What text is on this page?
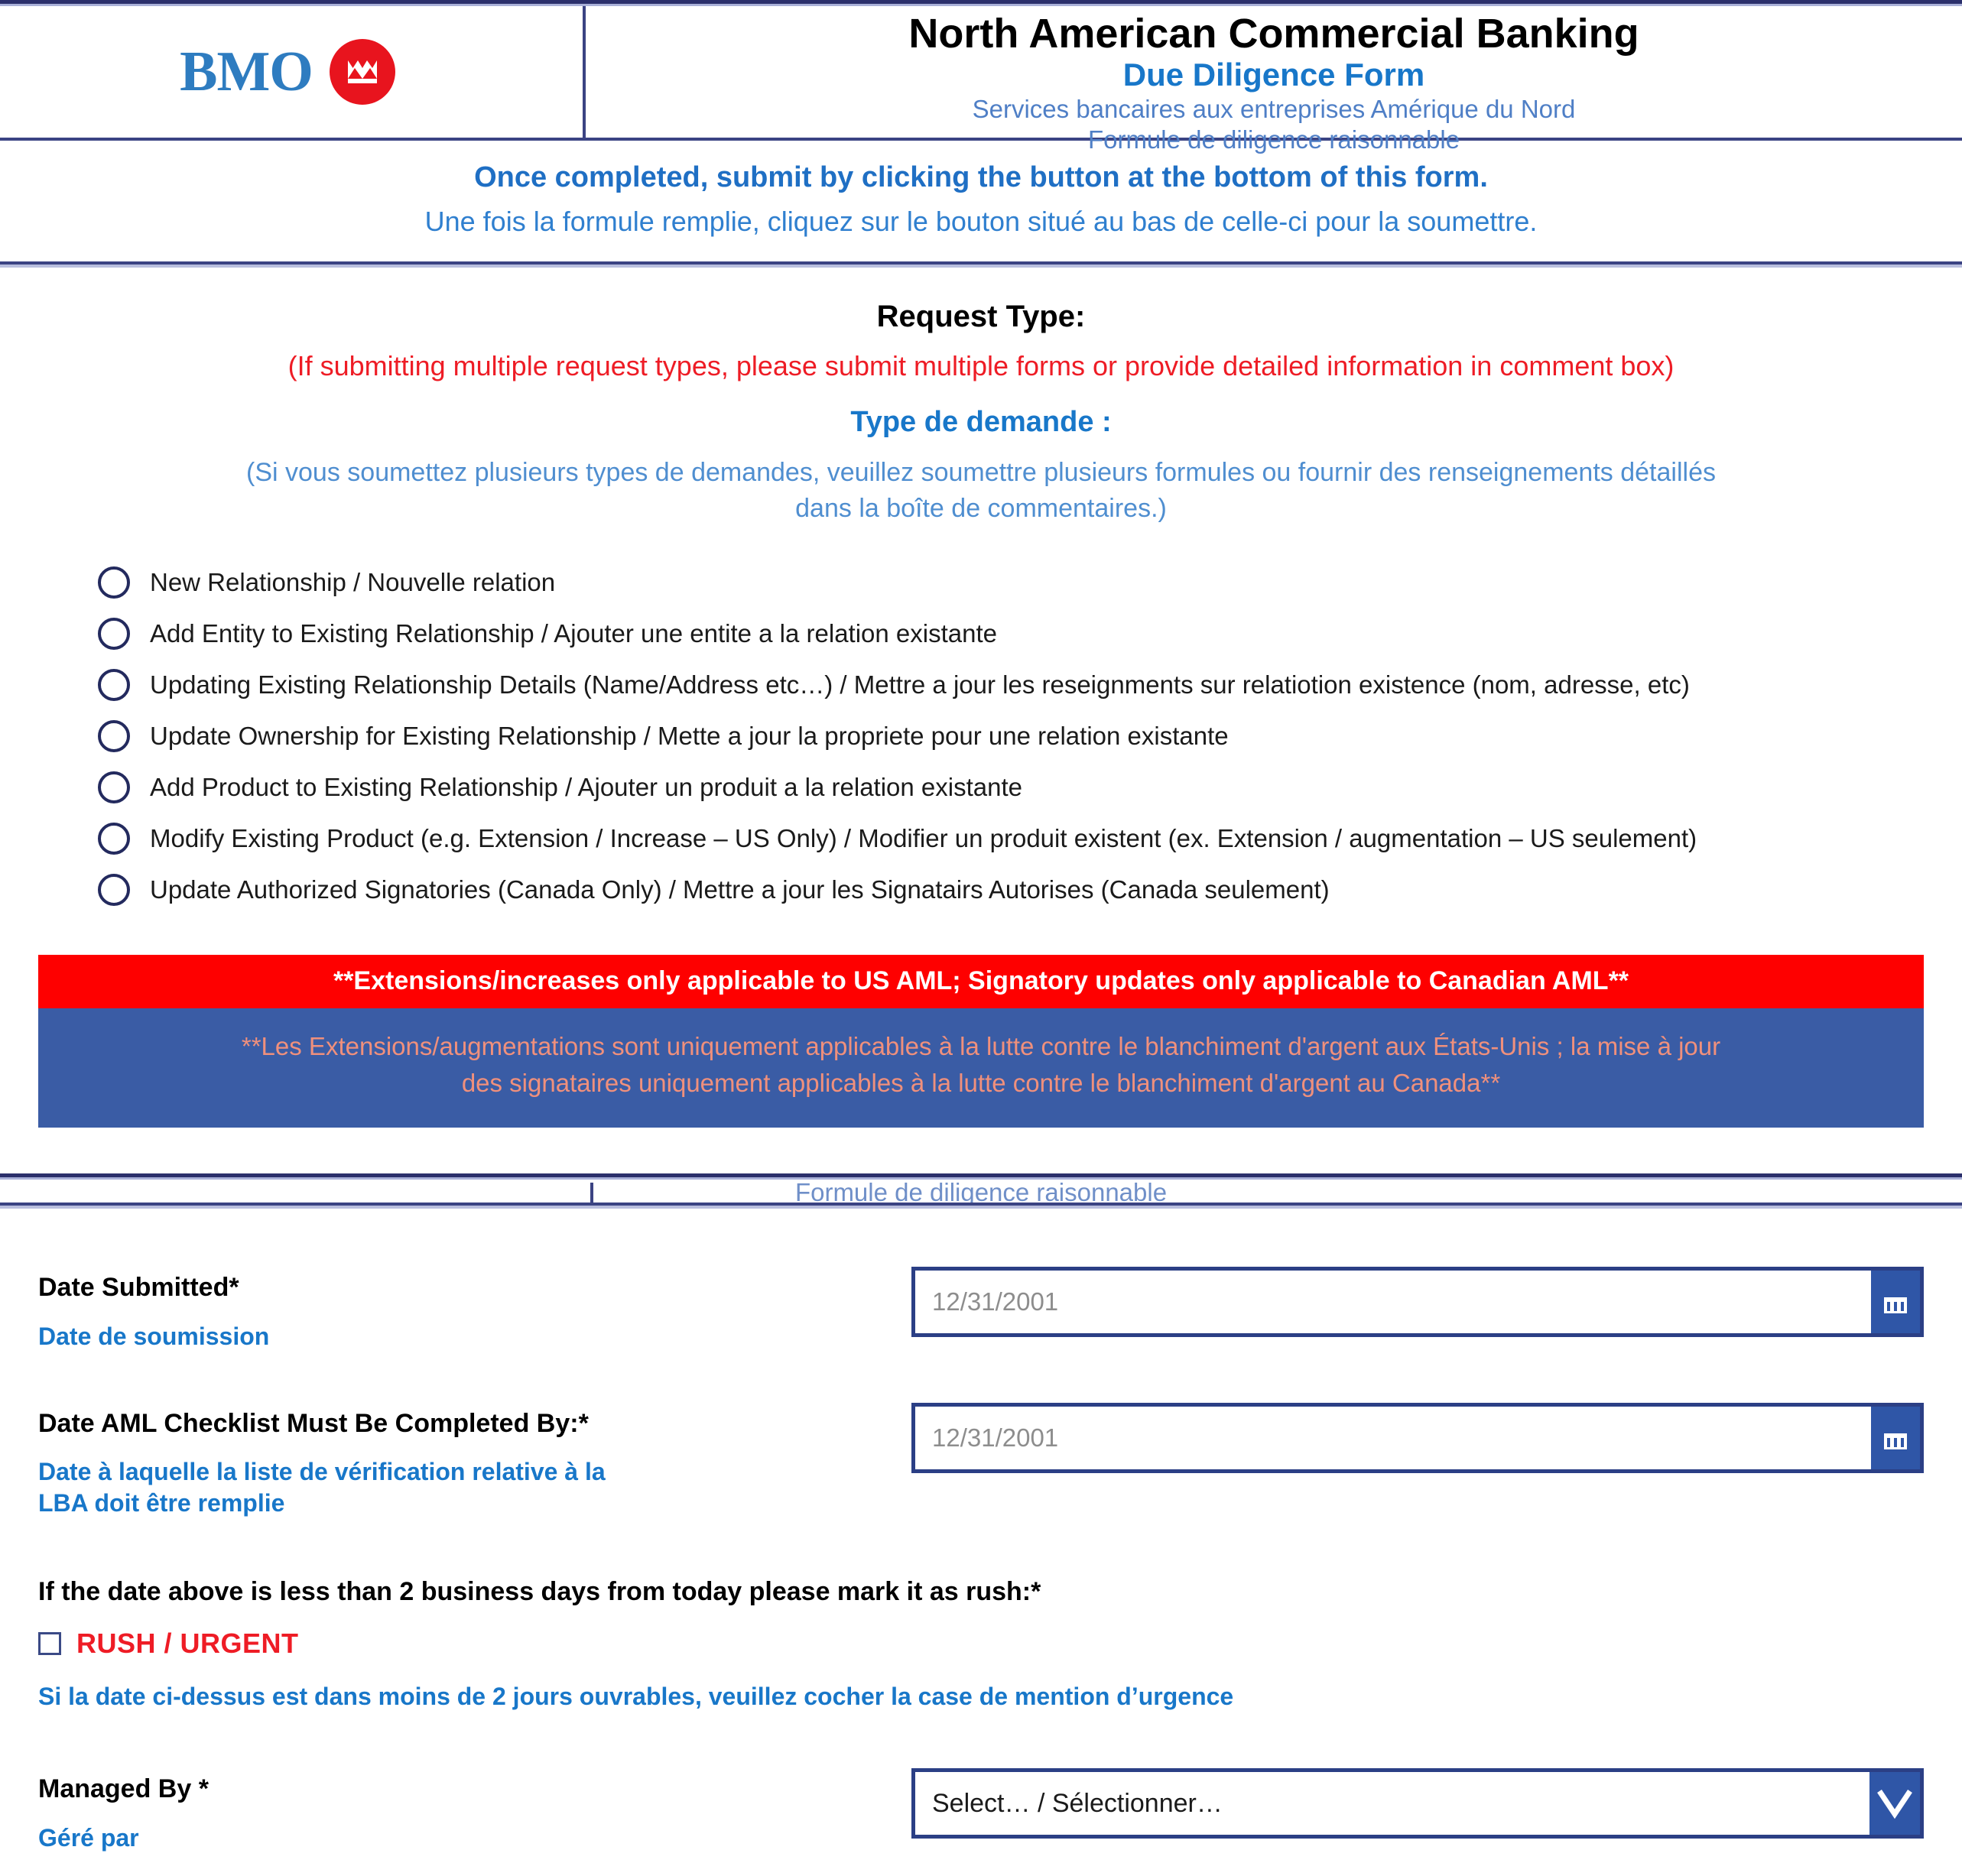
BMO
North American Commercial Banking
Due Diligence Form
Services bancaires aux entreprises Amérique du Nord
Formule de diligence raisonnable
Once completed, submit by clicking the button at the bottom of this form.
Une fois la formule remplie, cliquez sur le bouton situé au bas de celle-ci pour la soumettre.
Request Type:
(If submitting multiple request types, please submit multiple forms or provide detailed information in comment box)
Type de demande :
(Si vous soumettez plusieurs types de demandes, veuillez soumettre plusieurs formules ou fournir des renseignements détaillés
dans la boîte de commentaires.)
New Relationship / Nouvelle relation
Add Entity to Existing Relationship / Ajouter une entite a la relation existante
Updating Existing Relationship Details (Name/Address etc…) / Mettre a jour les reseignments sur relatiotion existence (nom, adresse, etc)
Update Ownership for Existing Relationship / Mette a jour la propriete pour une relation existante
Add Product to Existing Relationship / Ajouter un produit a la relation existante
Modify Existing Product (e.g. Extension / Increase – US Only) / Modifier un produit existent (ex. Extension / augmentation – US seulement)
Update Authorized Signatories (Canada Only) / Mettre a jour les Signatairs Autorises (Canada seulement)
**Extensions/increases only applicable to US AML; Signatory updates only applicable to Canadian AML**
**Les Extensions/augmentations sont uniquement applicables à la lutte contre le blanchiment d'argent aux États-Unis ; la mise à jour
des signataires uniquement applicables à la lutte contre le blanchiment d'argent au Canada**
Formule de diligence raisonnable
Date Submitted*
Date de soumission
12/31/2001
Date AML Checklist Must Be Completed By:*
Date à laquelle la liste de vérification relative à la
LBA doit être remplie
12/31/2001
If the date above is less than 2 business days from today please mark it as rush:*
RUSH / URGENT
Si la date ci-dessus est dans moins de 2 jours ouvrables, veuillez cocher la case de mention d’urgence
Managed By *
Géré par
Select… / Sélectionner…
